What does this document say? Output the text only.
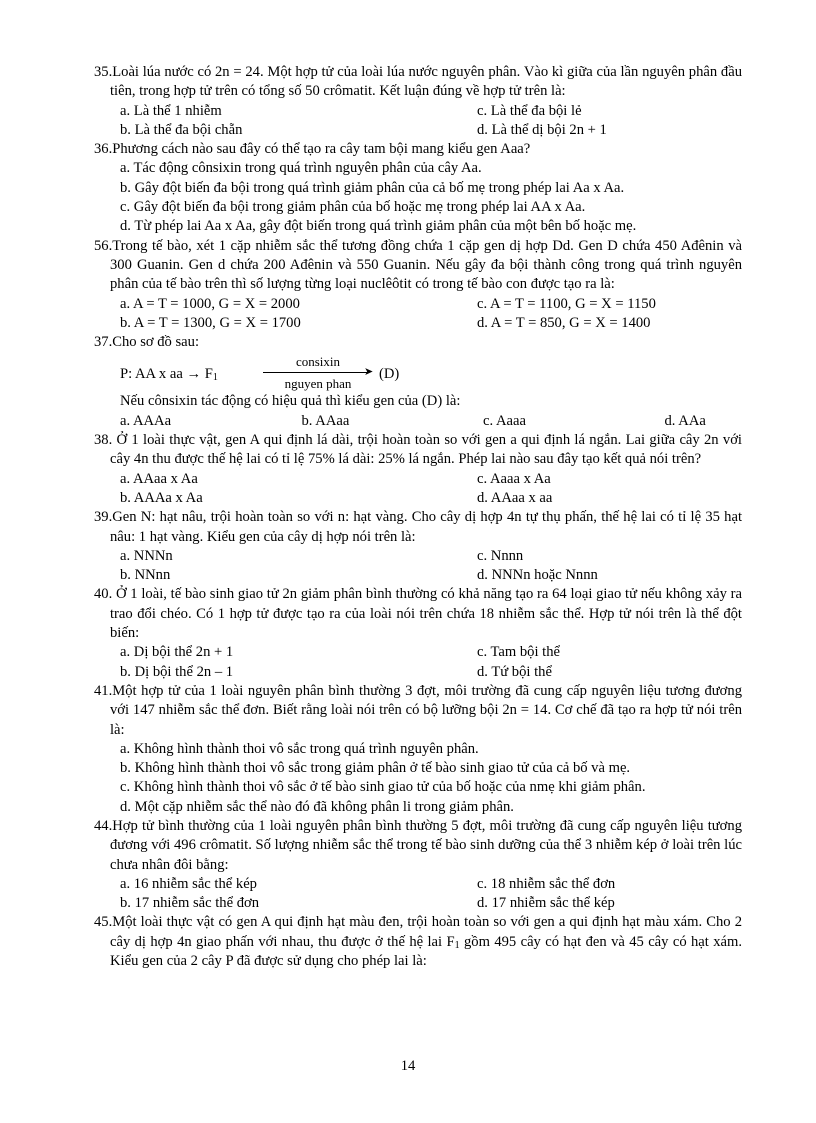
35.Loài lúa nước có 2n = 24. Một hợp tử của loài lúa nước nguyên phân. Vào kì giữa của lần nguyên phân đầu tiên, trong hợp tử trên có tổng số 50 crômatit. Kết luận đúng về hợp tử trên là:
a. Là thể 1 nhiễm	c. Là thể đa bội lẻ
b. Là thể đa bội chẵn	d. Là thể dị bội 2n + 1
36.Phương cách nào sau đây có thể tạo ra cây tam bội mang kiểu gen Aaa?
a. Tác động cônsixin trong quá trình nguyên phân của cây Aa.
b. Gây đột biến đa bội trong quá trình giảm phân của cả bố mẹ trong phép lai Aa x Aa.
c. Gây đột biến đa bội trong giảm phân của bố hoặc mẹ trong phép lai AA x Aa.
d. Từ phép lai Aa x Aa, gây đột biến trong quá trình giảm phân của một bên bố hoặc mẹ.
56.Trong tế bào, xét 1 cặp nhiễm sắc thể tương đồng chứa 1 cặp gen dị hợp Dd. Gen D chứa 450 Ađênin và 300 Guanin. Gen d chứa 200 Ađênin và 550 Guanin. Nếu gây đa bội thành công trong quá trình nguyên phân của tế bào trên thì số lượng từng loại nuclêôtit có trong tế bào con được tạo ra là:
a. A = T = 1000, G = X = 2000	c. A = T = 1100, G = X = 1150
b. A = T = 1300, G = X = 1700	d. A = T = 850, G = X = 1400
37.Cho sơ đồ sau:
P: AA x aa → $F_1$
consixin
➤
nguyen phan
(D)
Nếu cônsixin tác động có hiệu quả thì kiểu gen của (D) là:
a. AAAa	b. AAaa	c. Aaaa	d. AAa
38. Ở 1 loài thực vật, gen A qui định lá dài, trội hoàn toàn so với gen a qui định lá ngắn. Lai giữa cây 2n với cây 4n thu được thế hệ lai có tỉ lệ 75% lá dài: 25% lá ngắn. Phép lai nào sau đây tạo kết quả nói trên?
a. AAaa x Aa	c. Aaaa x Aa
b. AAAa x Aa	d. AAaa x aa
39.Gen N: hạt nâu, trội hoàn toàn so với n: hạt vàng. Cho cây dị hợp 4n tự thụ phấn, thế hệ lai có tỉ lệ 35 hạt nâu: 1 hạt vàng. Kiểu gen của cây dị hợp nói trên là:
a. NNNn	c. Nnnn
b. NNnn	d. NNNn hoặc Nnnn
40. Ở 1 loài, tế bào sinh giao tử 2n giảm phân bình thường có khả năng tạo ra 64 loại giao tử nếu không xảy ra trao đổi chéo. Có 1 hợp tử được tạo ra của loài nói trên chứa 18 nhiễm sắc thể. Hợp tử nói trên là thể đột biến:
a. Dị bội thể 2n + 1	c. Tam bội thể
b. Dị bội thể 2n – 1	d. Tứ bội thể
41.Một hợp tử của 1 loài nguyên phân bình thường 3 đợt, môi trường đã cung cấp nguyên liệu tương đương với 147 nhiễm sắc thể đơn. Biết rằng loài nói trên có bộ lưỡng bội 2n = 14. Cơ chế đã tạo ra hợp tử nói trên là:
a. Không hình thành thoi vô sắc trong quá trình nguyên phân.
b. Không hình thành thoi vô sắc trong giảm phân ở tế bào sinh giao tử của cả bố và mẹ.
c. Không hình thành thoi vô sắc ở tế bào sinh giao tử của bố hoặc của nmẹ khi giảm phân.
d. Một cặp nhiễm sắc thể nào đó đã không phân li trong giảm phân.
44.Hợp tử bình thường của 1 loài nguyên phân bình thường 5 đợt, môi trường đã cung cấp nguyên liệu tương đương với 496 crômatit. Số lượng nhiễm sắc thể trong tế bào sinh dưỡng của thể 3 nhiễm kép ở loài trên lúc chưa nhân đôi bằng:
a. 16 nhiễm sắc thể kép	c. 18 nhiễm sắc thể đơn
b. 17 nhiễm sắc thể đơn	d. 17 nhiễm sắc thể kép
45.Một loài thực vật có gen A qui định hạt màu đen, trội hoàn toàn so với gen a qui định hạt màu xám. Cho 2 cây dị hợp 4n giao phấn với nhau, thu được ở thế hệ lai $F_1$ gồm 495 cây có hạt đen và 45 cây có hạt xám. Kiểu gen của 2 cây P đã được sử dụng cho phép lai là:
14
